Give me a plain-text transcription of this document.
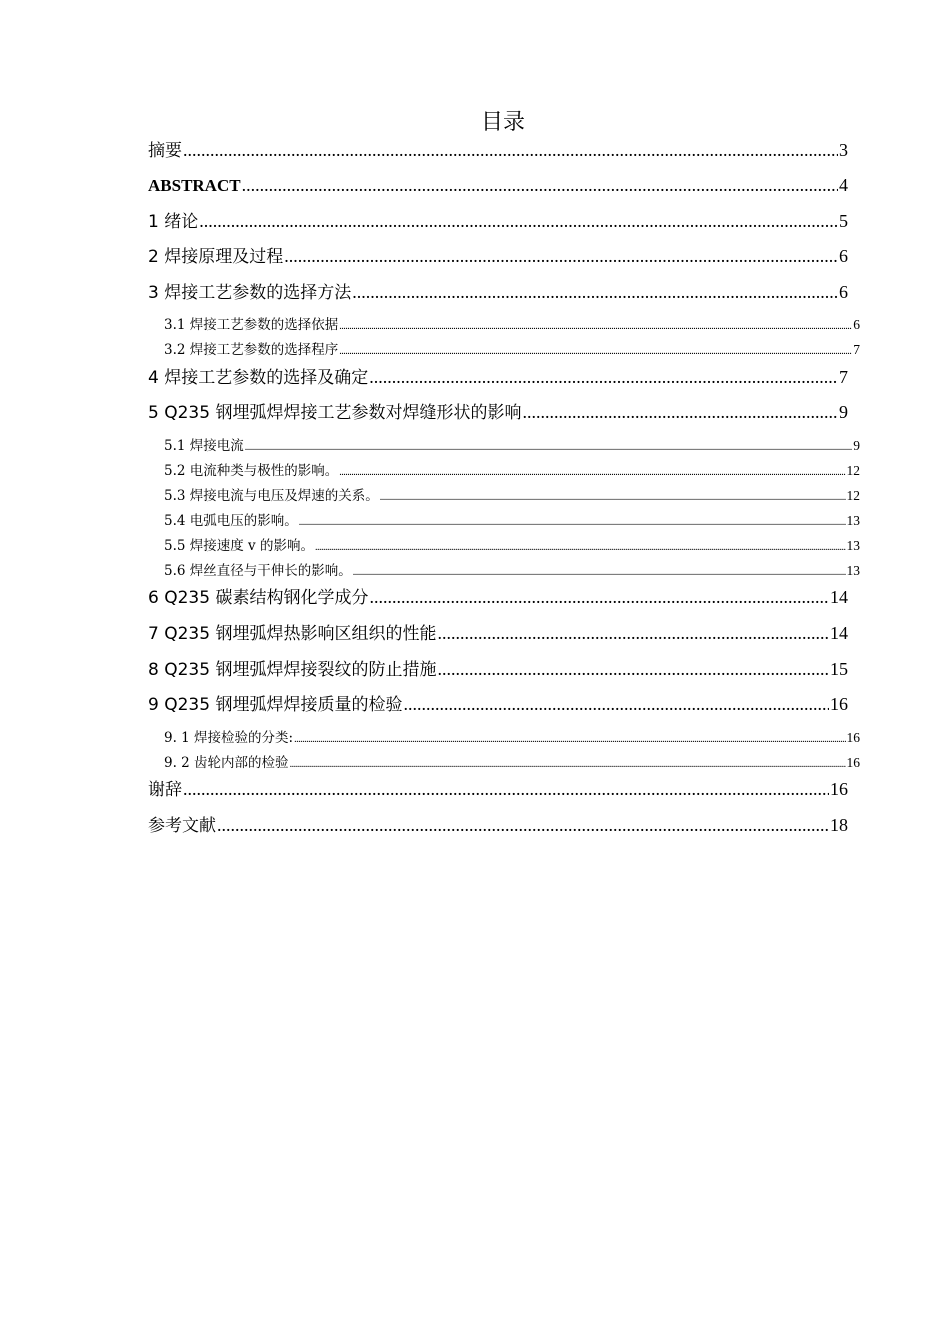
目录
摘要 .....	3
ABSTRACT .....	4
1 绪论 .....	5
2 焊接原理及过程 .....	6
3 焊接工艺参数的选择方法 .....	6
3.1 焊接工艺参数的选择依据 .....	6
3.2 焊接工艺参数的选择程序 .....	7
4 焊接工艺参数的选择及确定 .....	7
5 Q235 钢埋弧焊焊接工艺参数对焊缝形状的影响 .....	9
5.1 焊接电流 .....	9
5.2 电流种类与极性的影响。 .....	12
5.3 焊接电流与电压及焊速的关系。 .....	12
5.4 电弧电压的影响。 .....	13
5.5 焊接速度 v 的影响。 .....	13
5.6 焊丝直径与干伸长的影响。 .....	13
6 Q235 碳素结构钢化学成分 .....	14
7 Q235 钢埋弧焊热影响区组织的性能 .....	14
8 Q235 钢埋弧焊焊接裂纹的防止措施 .....	15
9 Q235 钢埋弧焊焊接质量的检验 .....	16
9. 1 焊接检验的分类: .....	16
9. 2 齿轮内部的检验 .....	16
谢辞 .....	16
参考文献 .....	18
